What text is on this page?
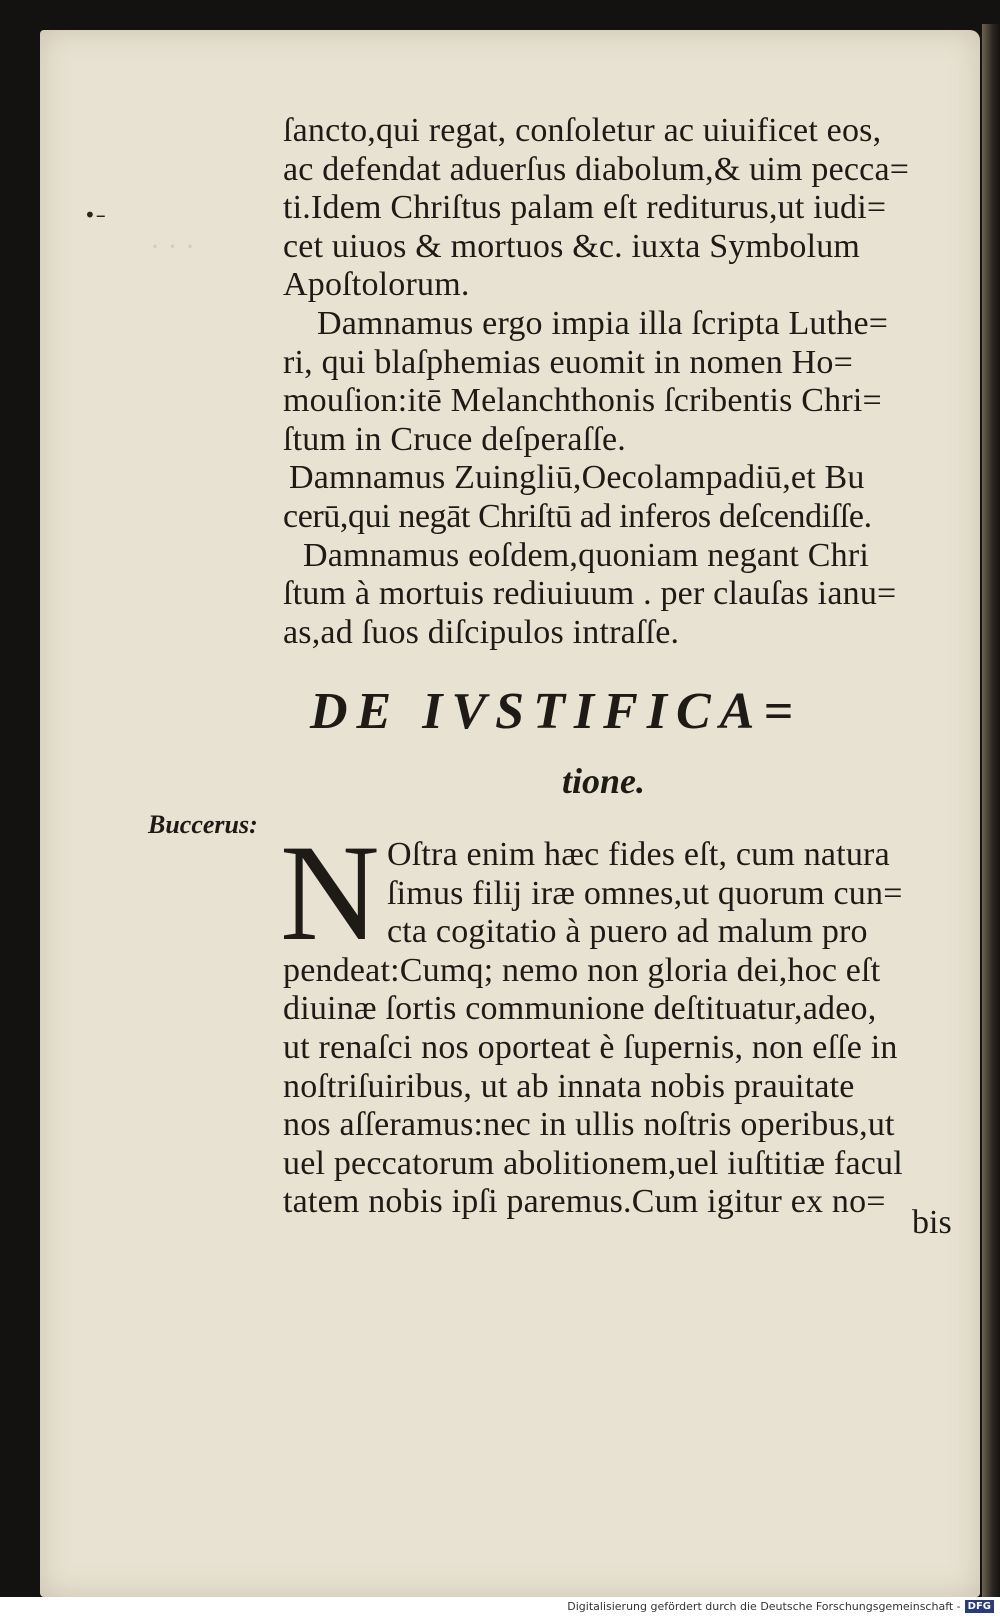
· · ·
•–
ſancto,qui regat, conſoletur ac uiuificet eos,
ac defendat aduerſus diabolum,& uim pecca=
ti.Idem Chriſtus palam eſt rediturus,ut iudi=
cet uiuos & mortuos &c. iuxta Symbolum
Apoſtolorum.
Damnamus ergo impia illa ſcripta Luthe=
ri, qui blaſphemias euomit in nomen Ho=
mouſion:itē Melanchthonis ſcribentis Chri=
ſtum in Cruce deſperaſſe.
Damnamus Zuingliū,Oecolampadiū,et Bu
cerū,qui negāt Chriſtū ad inferos deſcendiſſe.
Damnamus eoſdem,quoniam negant Chri
ſtum à mortuis rediuiuum . per clauſas ianu=
as,ad ſuos diſcipulos intraſſe.
DE IVSTIFICA=
tione.
Buccerus: N Oſtra enim hæc fides eſt, cum natura
ſimus filij iræ omnes,ut quorum cun=
cta cogitatio à puero ad malum pro
pendeat:Cumq; nemo non gloria dei,hoc eſt
diuinæ ſortis communione deſtituatur,adeo,
ut renaſci nos oporteat è ſupernis, non eſſe in
noſtriſuiribus, ut ab innata nobis prauitate
nos aſſeramus:nec in ullis noſtris operibus,ut
uel peccatorum abolitionem,uel iuſtitiæ facul
tatem nobis ipſi paremus.Cum igitur ex no=
bis
Digitalisierung gefördert durch die Deutsche Forschungsgemeinschaft - DFG
